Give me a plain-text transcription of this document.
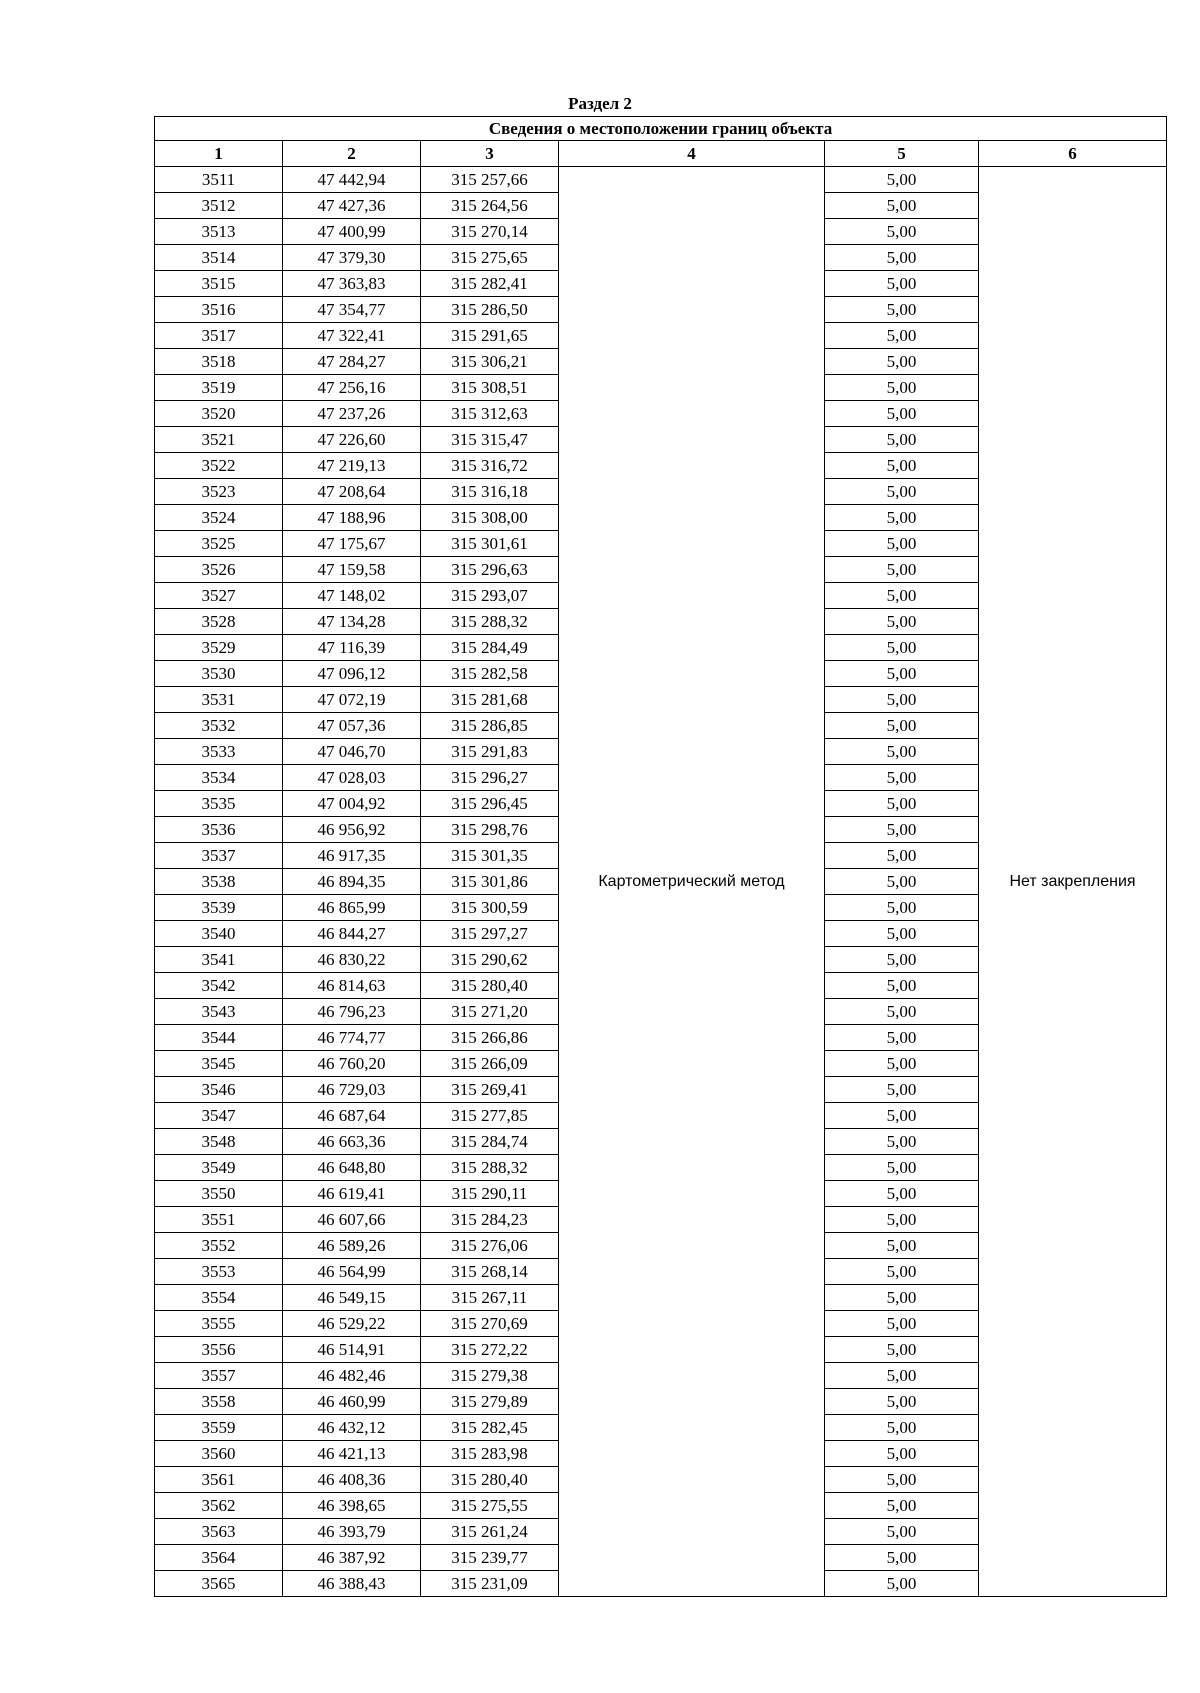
Раздел 2
Сведения о местоположении границ объекта					
1	2	3	4	5	6
3511	47 442,94	315 257,66	Картометрический метод	5,00	Нет закрепления
3512	47 427,36	315 264,56		5,00	
3513	47 400,99	315 270,14		5,00	
3514	47 379,30	315 275,65		5,00	
3515	47 363,83	315 282,41		5,00	
3516	47 354,77	315 286,50		5,00	
3517	47 322,41	315 291,65		5,00	
3518	47 284,27	315 306,21		5,00	
3519	47 256,16	315 308,51		5,00	
3520	47 237,26	315 312,63		5,00	
3521	47 226,60	315 315,47		5,00	
3522	47 219,13	315 316,72		5,00	
3523	47 208,64	315 316,18		5,00	
3524	47 188,96	315 308,00		5,00	
3525	47 175,67	315 301,61		5,00	
3526	47 159,58	315 296,63		5,00	
3527	47 148,02	315 293,07		5,00	
3528	47 134,28	315 288,32		5,00	
3529	47 116,39	315 284,49		5,00	
3530	47 096,12	315 282,58		5,00	
3531	47 072,19	315 281,68		5,00	
3532	47 057,36	315 286,85		5,00	
3533	47 046,70	315 291,83		5,00	
3534	47 028,03	315 296,27		5,00	
3535	47 004,92	315 296,45		5,00	
3536	46 956,92	315 298,76		5,00	
3537	46 917,35	315 301,35		5,00	
3538	46 894,35	315 301,86		5,00	
3539	46 865,99	315 300,59		5,00	
3540	46 844,27	315 297,27		5,00	
3541	46 830,22	315 290,62		5,00	
3542	46 814,63	315 280,40		5,00	
3543	46 796,23	315 271,20		5,00	
3544	46 774,77	315 266,86		5,00	
3545	46 760,20	315 266,09		5,00	
3546	46 729,03	315 269,41		5,00	
3547	46 687,64	315 277,85		5,00	
3548	46 663,36	315 284,74		5,00	
3549	46 648,80	315 288,32		5,00	
3550	46 619,41	315 290,11		5,00	
3551	46 607,66	315 284,23		5,00	
3552	46 589,26	315 276,06		5,00	
3553	46 564,99	315 268,14		5,00	
3554	46 549,15	315 267,11		5,00	
3555	46 529,22	315 270,69		5,00	
3556	46 514,91	315 272,22		5,00	
3557	46 482,46	315 279,38		5,00	
3558	46 460,99	315 279,89		5,00	
3559	46 432,12	315 282,45		5,00	
3560	46 421,13	315 283,98		5,00	
3561	46 408,36	315 280,40		5,00	
3562	46 398,65	315 275,55		5,00	
3563	46 393,79	315 261,24		5,00	
3564	46 387,92	315 239,77		5,00	
3565	46 388,43	315 231,09		5,00	
